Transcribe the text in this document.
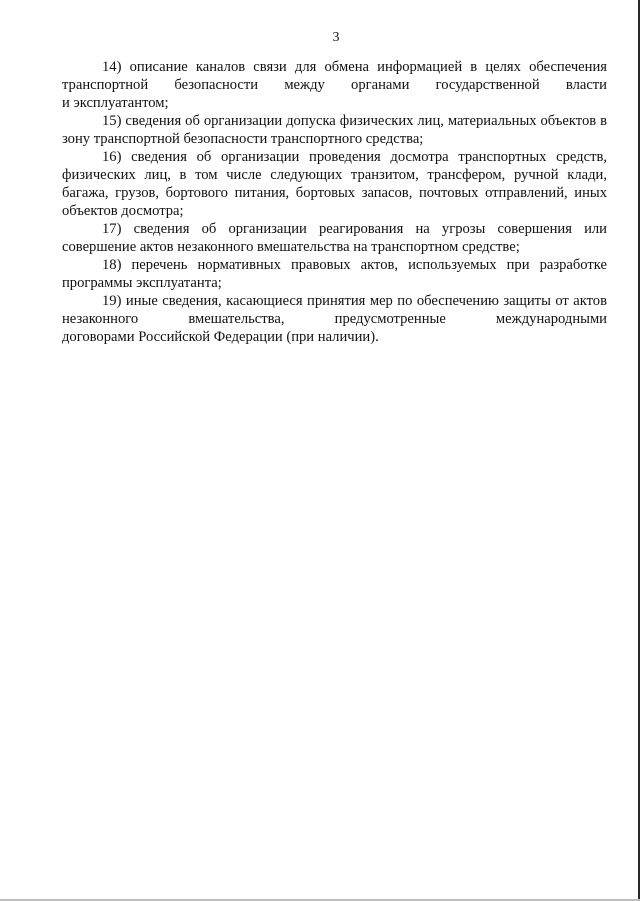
3

14) описание каналов связи для обмена информацией в целях обеспечения транспортной безопасности между органами государственной власти
и эксплуатантом;

15) сведения об организации допуска физических лиц, материальных объектов в зону транспортной безопасности транспортного средства;

16) сведения об организации проведения досмотра транспортных средств, физических лиц, в том числе следующих транзитом, трансфером, ручной клади, багажа, грузов, бортового питания, бортовых запасов, почтовых отправлений, иных объектов досмотра;

17) сведения об организации реагирования на угрозы совершения или совершение актов незаконного вмешательства на транспортном средстве;

18) перечень нормативных правовых актов, используемых при разработке программы эксплуатанта;

19) иные сведения, касающиеся принятия мер по обеспечению защиты от актов незаконного вмешательства, предусмотренные международными
договорами Российской Федерации (при наличии).
